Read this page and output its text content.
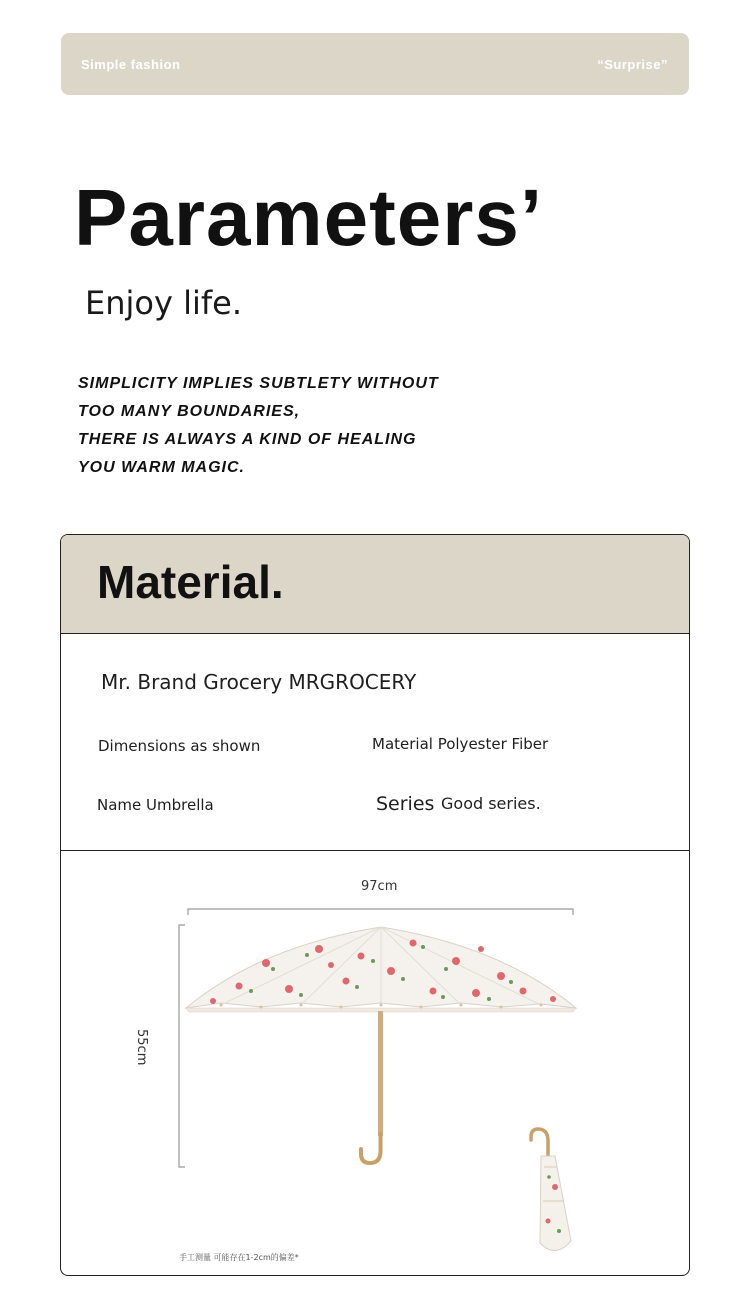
Simple fashion	“Surprise”
Parameters’
Enjoy life.
SIMPLICITY IMPLIES SUBTLETY WITHOUT
TOO MANY BOUNDARIES,
THERE IS ALWAYS A KIND OF HEALING
YOU WARM MAGIC.
Material.
Mr. Brand Grocery MRGROCERY
Dimensions as shown	Material Polyester Fiber
Name Umbrella	Series Good series.
97cm
55cm
手工测量 可能存在1-2cm的偏差*
